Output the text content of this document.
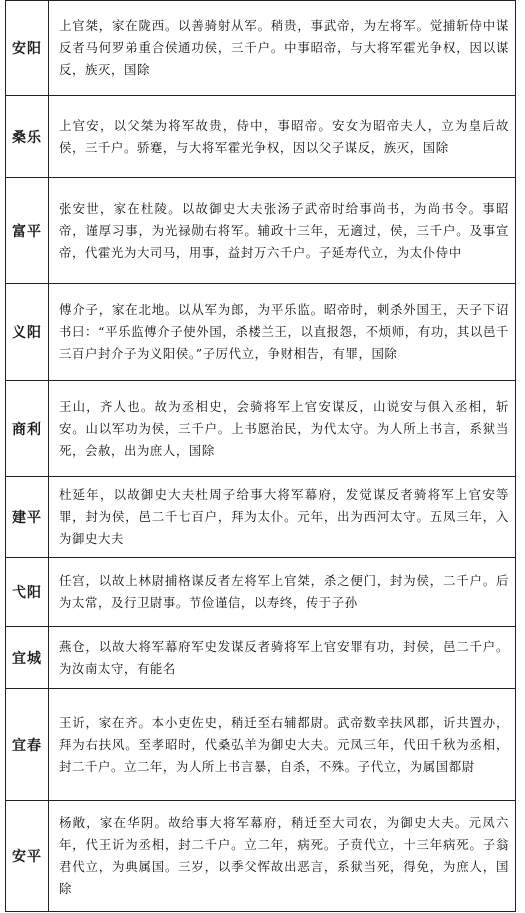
安阳	上官桀，家在陇西。以善骑射从军。稍贵，事武帝，为左将军。觉捕斩侍中谋反者马何罗弟重合侯通功侯，三千户。中事昭帝，与大将军霍光争权，因以谋反，族灭，国除
桑乐	上官安，以父桀为将军故贵，侍中，事昭帝。安女为昭帝夫人，立为皇后故侯，三千户。骄蹇，与大将军霍光争权，因以父子谋反，族灭，国除
富平	张安世，家在杜陵。以故御史大夫张汤子武帝时给事尚书，为尚书令。事昭帝，谨厚习事，为光禄勋右将军。辅政十三年，无適过，侯，三千户。及事宣帝，代霍光为大司马，用事，益封万六千户。子延寿代立，为太仆侍中
义阳	傅介子，家在北地。以从军为郎，为平乐监。昭帝时，刺杀外国王，天子下诏书曰：“平乐监傅介子使外国，杀楼兰王，以直报怨，不烦师，有功，其以邑千三百户封介子为义阳侯。”子厉代立，争财相告，有罪，国除
商利	王山，齐人也。故为丞相史，会骑将军上官安谋反，山说安与俱入丞相，斩安。山以军功为侯，三千户。上书愿治民，为代太守。为人所上书言，系狱当死，会赦，出为庶人，国除
建平	杜延年，以故御史大夫杜周子给事大将军幕府，发觉谋反者骑将军上官安等罪，封为侯，邑二千七百户，拜为太仆。元年，出为西河太守。五凤三年，入为御史大夫
弋阳	任宫，以故上林尉捕格谋反者左将军上官桀，杀之便门，封为侯，二千户。后为太常，及行卫尉事。节俭谨信，以寿终，传于子孙
宜城	燕仓，以故大将军幕府军史发谋反者骑将军上官安罪有功，封侯，邑二千户。为汝南太守，有能名
宜春	王䜣，家在齐。本小吏佐史，稍迁至右辅都尉。武帝数幸扶风郡，䜣共置办，拜为右扶风。至孝昭时，代桑弘羊为御史大夫。元凤三年，代田千秋为丞相，封二千户。立二年，为人所上书言暴，自杀，不殊。子代立，为属国都尉
安平	杨敞，家在华阴。故给事大将军幕府，稍迁至大司农，为御史大夫。元凤六年，代王䜣为丞相，封二千户。立二年，病死。子贲代立，十三年病死。子翁君代立，为典属国。三岁，以季父恽故出恶言，系狱当死，得免，为庶人，国除
